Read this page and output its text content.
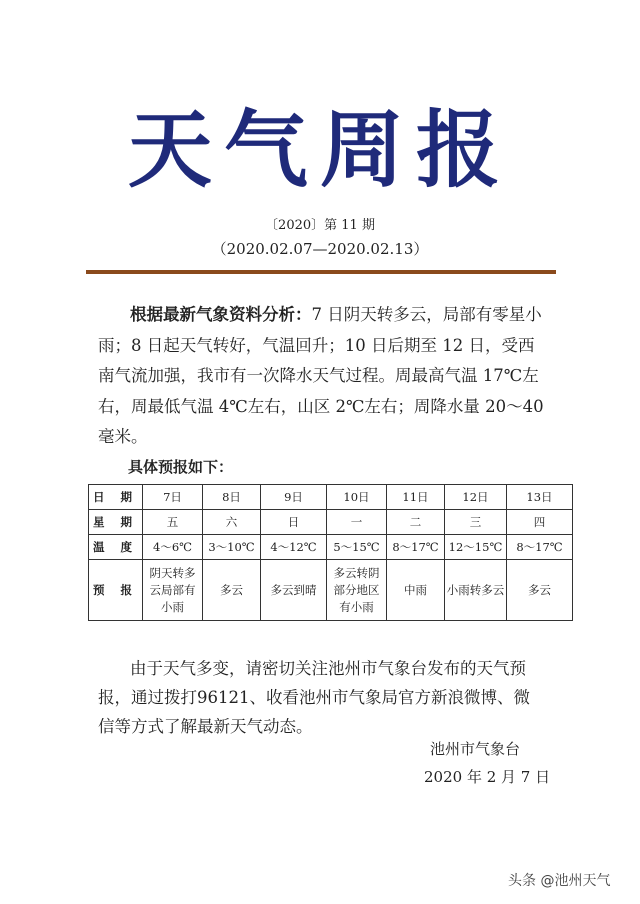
天气周报
〔2020〕第 11 期
（2020.02.07—2020.02.13）
根据最新气象资料分析：7 日阴天转多云，局部有零星小雨；8 日起天气转好，气温回升；10 日后期至 12 日，受西南气流加强，我市有一次降水天气过程。周最高气温 17℃左右，周最低气温 4℃左右，山区 2℃左右；周降水量 20～40 毫米。
具体预报如下：
日 期	7日	8日	9日	10日	11日	12日	13日
星 期	五	六	日	一	二	三	四
温 度	4～6℃	3～10℃	4～12℃	5～15℃	8～17℃	12～15℃	8～17℃
预 报	阴天转多云局部有小雨	多云	多云到晴	多云转阴部分地区有小雨	中雨	小雨转多云	多云
由于天气多变，请密切关注池州市气象台发布的天气预报，通过拨打96121、收看池州市气象局官方新浪微博、微信等方式了解最新天气动态。
池州市气象台
2020 年 2 月 7 日
头条 @池州天气
